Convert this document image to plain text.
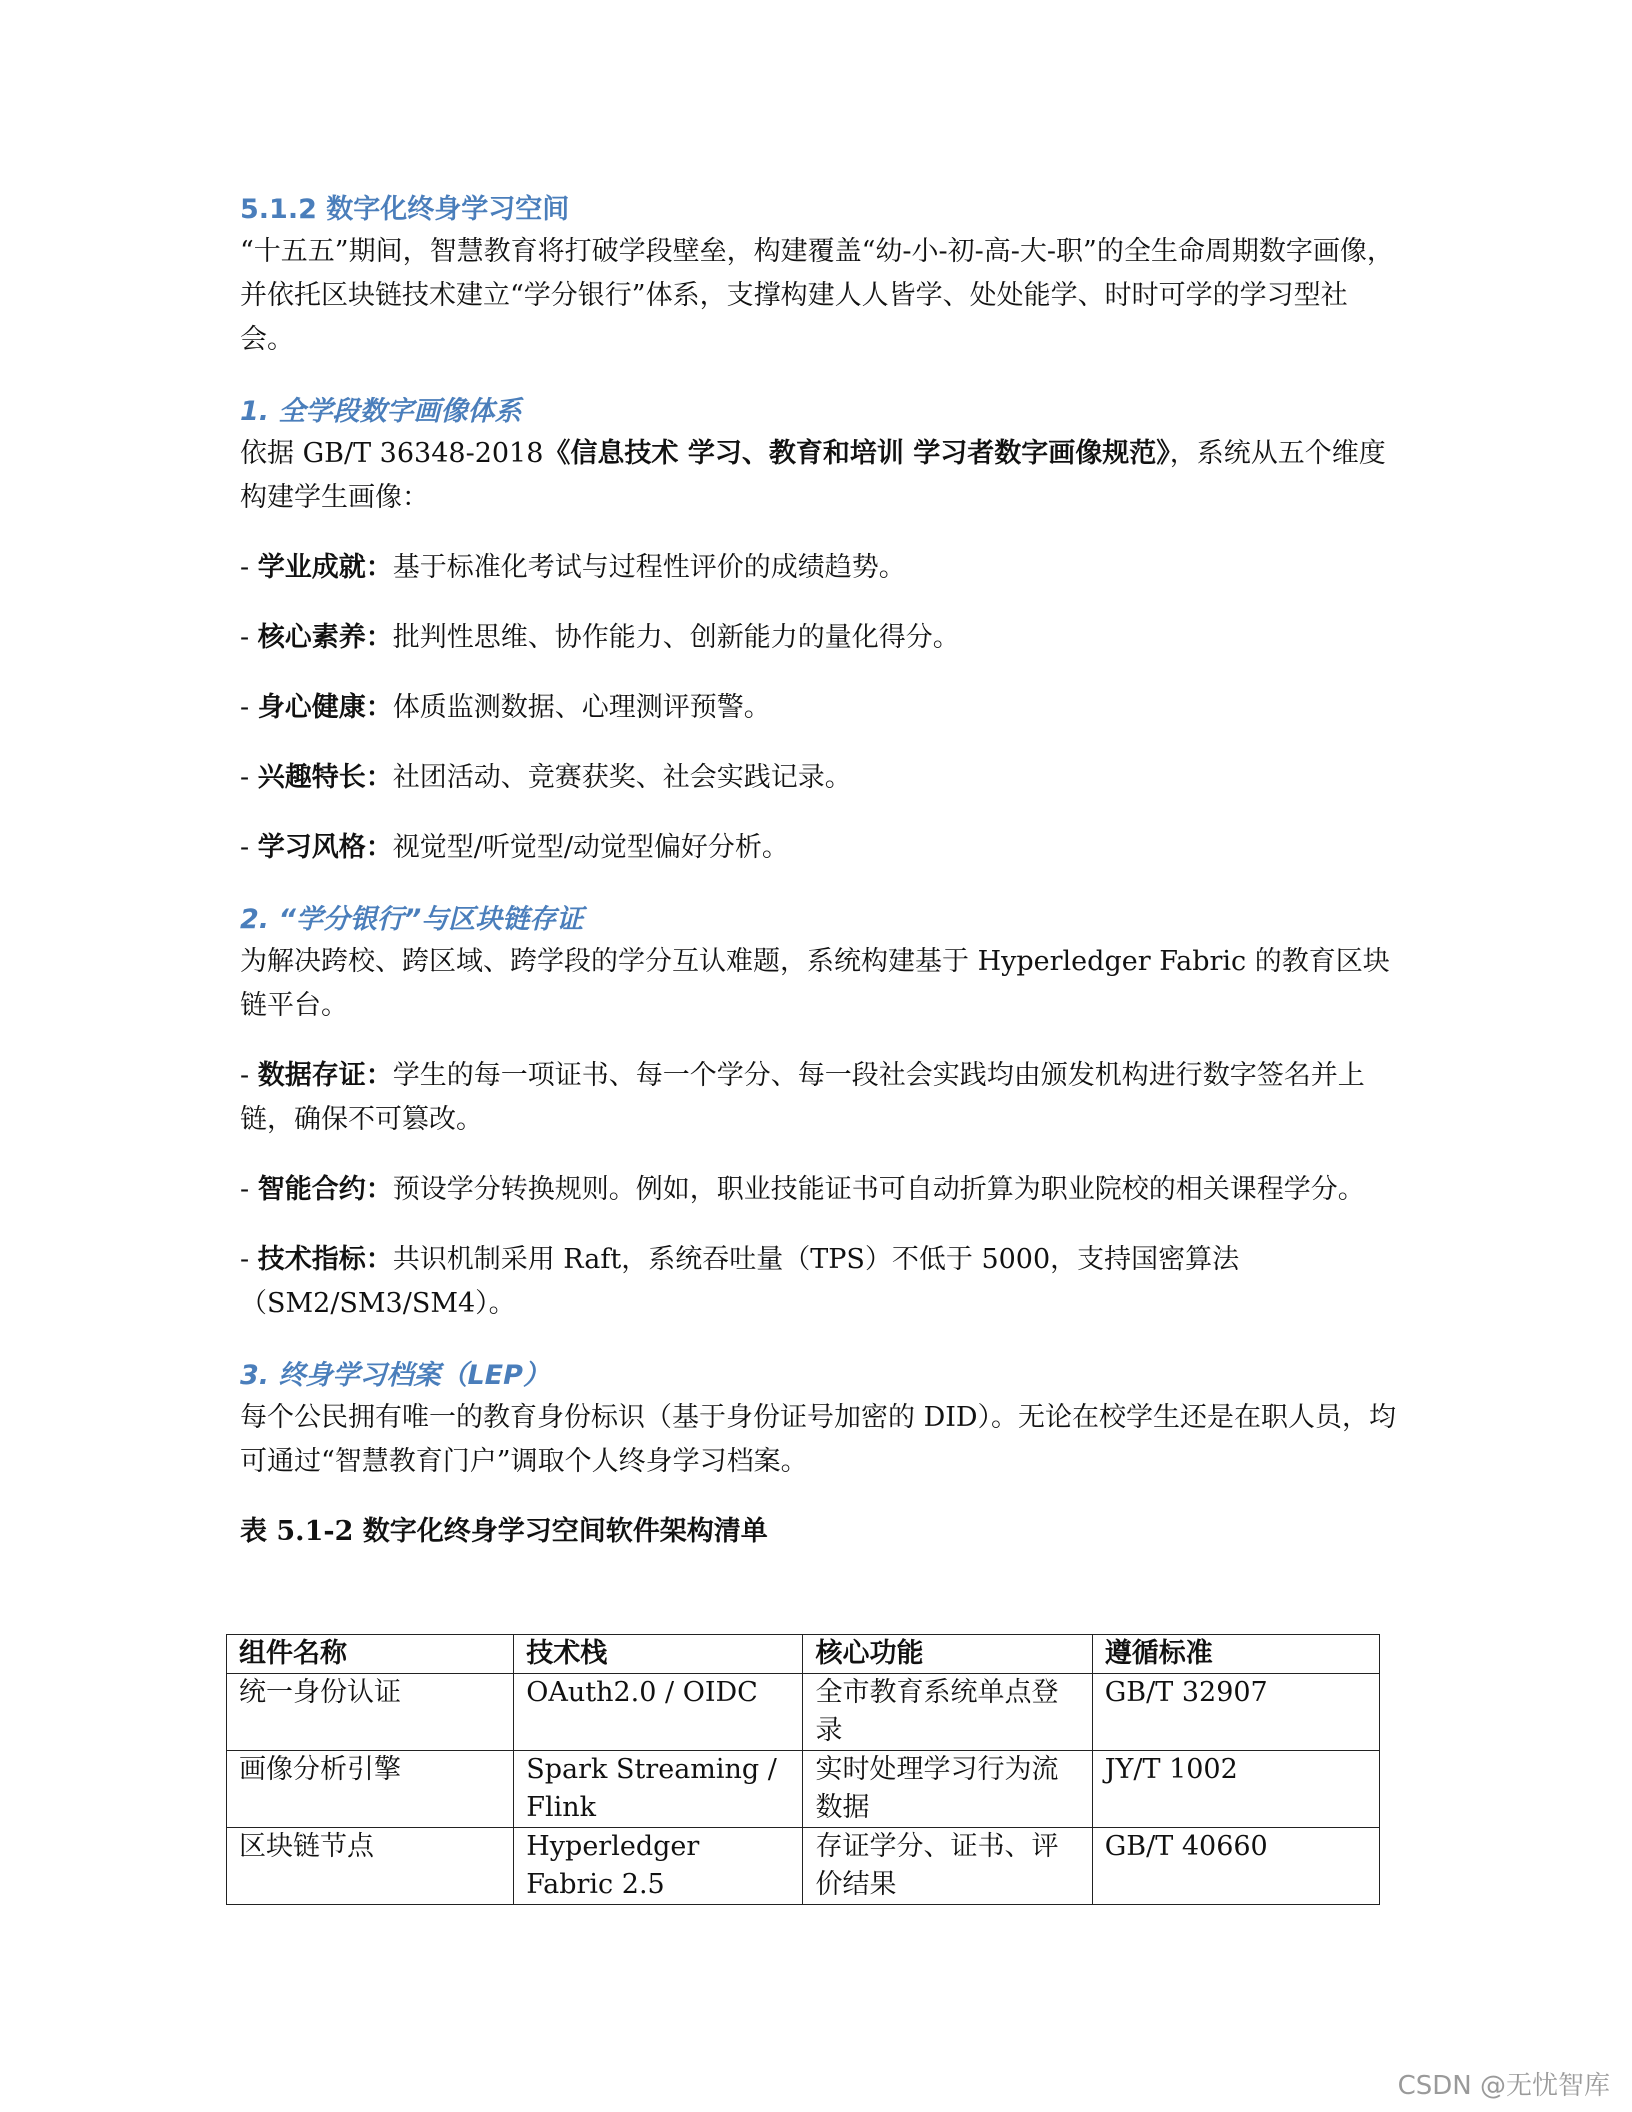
5.1.2 数字化终身学习空间

“十五五”期间，智慧教育将打破学段壁垒，构建覆盖“幼-小-初-高-大-职”的全生命周期数字画像，并依托区块链技术建立“学分银行”体系，支撑构建人人皆学、处处能学、时时可学的学习型社会。

1. 全学段数字画像体系

依据 GB/T 36348-2018《信息技术 学习、教育和培训 学习者数字画像规范》，系统从五个维度构建学生画像：

- 学业成就：基于标准化考试与过程性评价的成绩趋势。
- 核心素养：批判性思维、协作能力、创新能力的量化得分。
- 身心健康：体质监测数据、心理测评预警。
- 兴趣特长：社团活动、竞赛获奖、社会实践记录。
- 学习风格：视觉型/听觉型/动觉型偏好分析。
2. “学分银行”与区块链存证

为解决跨校、跨区域、跨学段的学分互认难题，系统构建基于 Hyperledger Fabric 的教育区块链平台。

- 数据存证：学生的每一项证书、每一个学分、每一段社会实践均由颁发机构进行数字签名并上链，确保不可篡改。
- 智能合约：预设学分转换规则。例如，职业技能证书可自动折算为职业院校的相关课程学分。
- 技术指标：共识机制采用 Raft，系统吞吐量（TPS）不低于 5000，支持国密算法（SM2/SM3/SM4）。
3. 终身学习档案（LEP）

每个公民拥有唯一的教育身份标识（基于身份证号加密的 DID）。无论在校学生还是在职人员，均可通过“智慧教育门户”调取个人终身学习档案。

表 5.1-2 数字化终身学习空间软件架构清单
组件名称	技术栈	核心功能	遵循标准
统一身份认证	OAuth2.0 / OIDC	全市教育系统单点登录	GB/T 32907
画像分析引擎	Spark Streaming / Flink	实时处理学习行为流数据	JY/T 1002
区块链节点	Hyperledger Fabric 2.5	存证学分、证书、评价结果	GB/T 40660
CSDN @无忧智库
